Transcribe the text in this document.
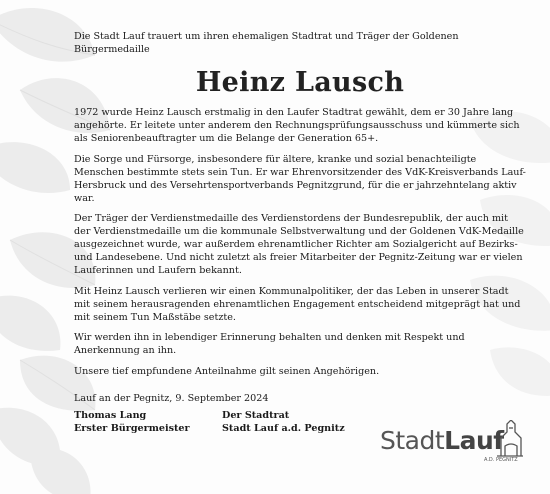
Die Stadt Lauf trauert um ihren ehemaligen Stadtrat und Träger der Goldenen Bürgermedaille

Heinz Lausch

1972 wurde Heinz Lausch erstmalig in den Laufer Stadtrat gewählt, dem er 30 Jahre lang angehörte. Er leitete unter anderem den Rechnungsprüfungsausschuss und kümmerte sich als Seniorenbeauftragter um die Belange der Generation 65+.

Die Sorge und Fürsorge, insbesondere für ältere, kranke und sozial benachteiligte Menschen bestimmte stets sein Tun. Er war Ehrenvorsitzender des VdK-Kreisverbands Lauf-Hersbruck und des Versehrtensportverbands Pegnitzgrund, für die er jahrzehntelang aktiv war.

Der Träger der Verdienstmedaille des Verdienstordens der Bundesrepublik, der auch mit der Verdienstmedaille um die kommunale Selbstverwaltung und der Goldenen VdK-Medaille ausgezeichnet wurde, war außerdem ehrenamtlicher Richter am Sozialgericht auf Bezirks- und Landesebene. Und nicht zuletzt als freier Mitarbeiter der Pegnitz-Zeitung war er vielen Lauferinnen und Laufern bekannt.

Mit Heinz Lausch verlieren wir einen Kommunalpolitiker, der das Leben in unserer Stadt mit seinem herausragenden ehrenamtlichen Engagement entscheidend mitgeprägt hat und mit seinem Tun Maßstäbe setzte.

Wir werden ihn in lebendiger Erinnerung behalten und denken mit Respekt und Anerkennung an ihn.

Unsere tief empfundene Anteilnahme gilt seinen Angehörigen.

Lauf an der Pegnitz, 9. September 2024

Thomas Lang
Erster Bürgermeister
Der Stadtrat
Stadt Lauf a.d. Pegnitz StadtLauf
A.D. PEGNITZ
